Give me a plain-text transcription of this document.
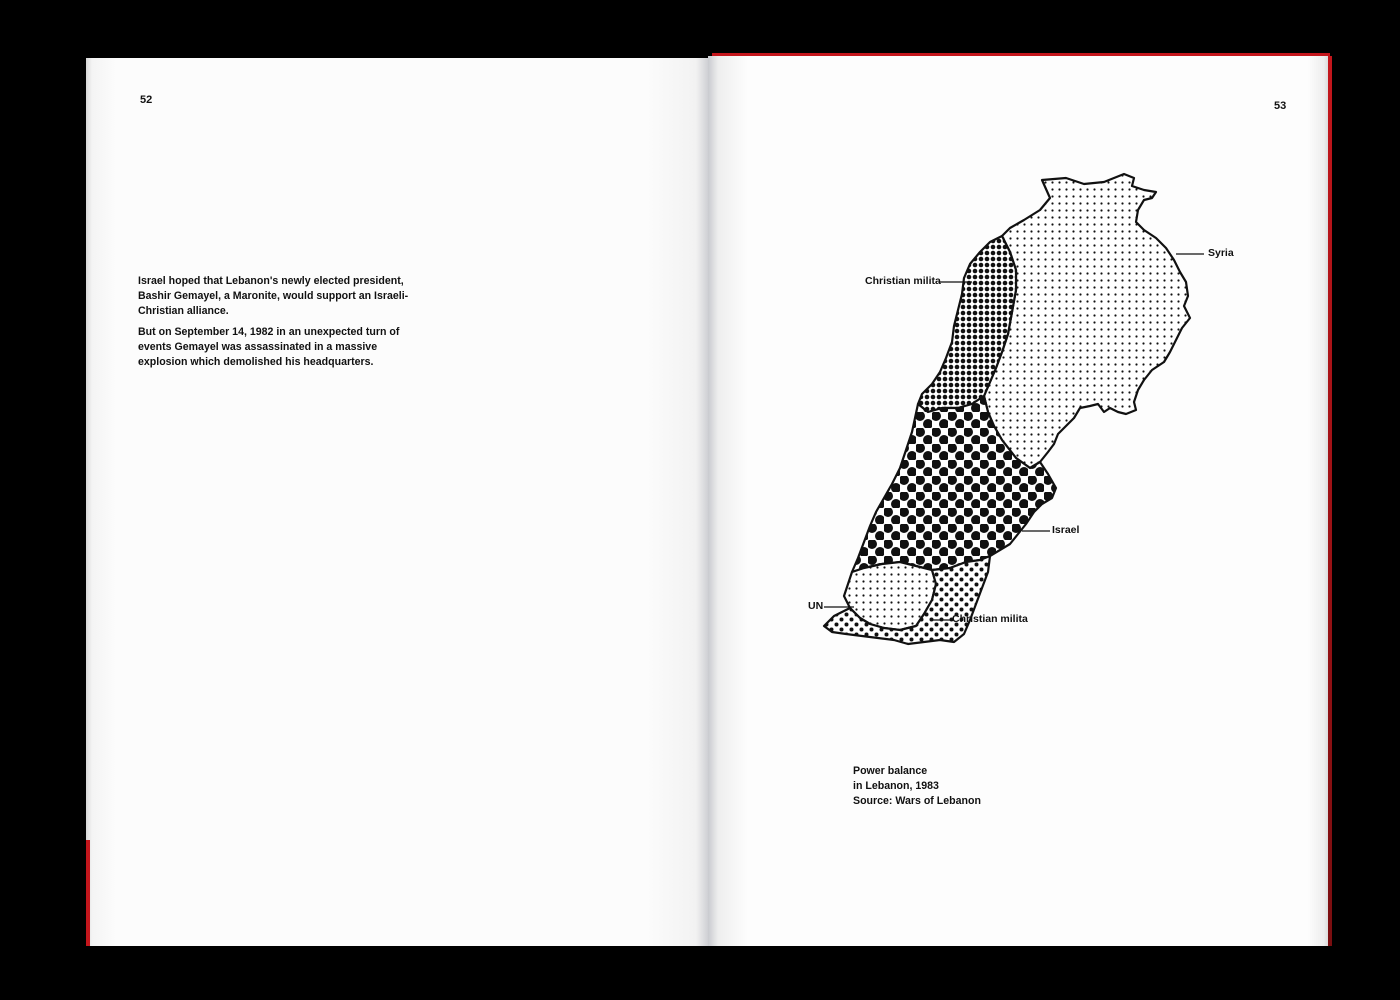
52

Israel hoped that Lebanon's newly elected president, Bashir Gemayel, a Maronite, would support an Israeli-Christian alliance.

But on September 14, 1982 in an unexpected turn of events Gemayel was assassinated in a massive explosion which demolished his headquarters.

53
Syria
Christian milita
Israel
UN
Christian milita
Power balance
in Lebanon, 1983
Source: Wars of Lebanon
